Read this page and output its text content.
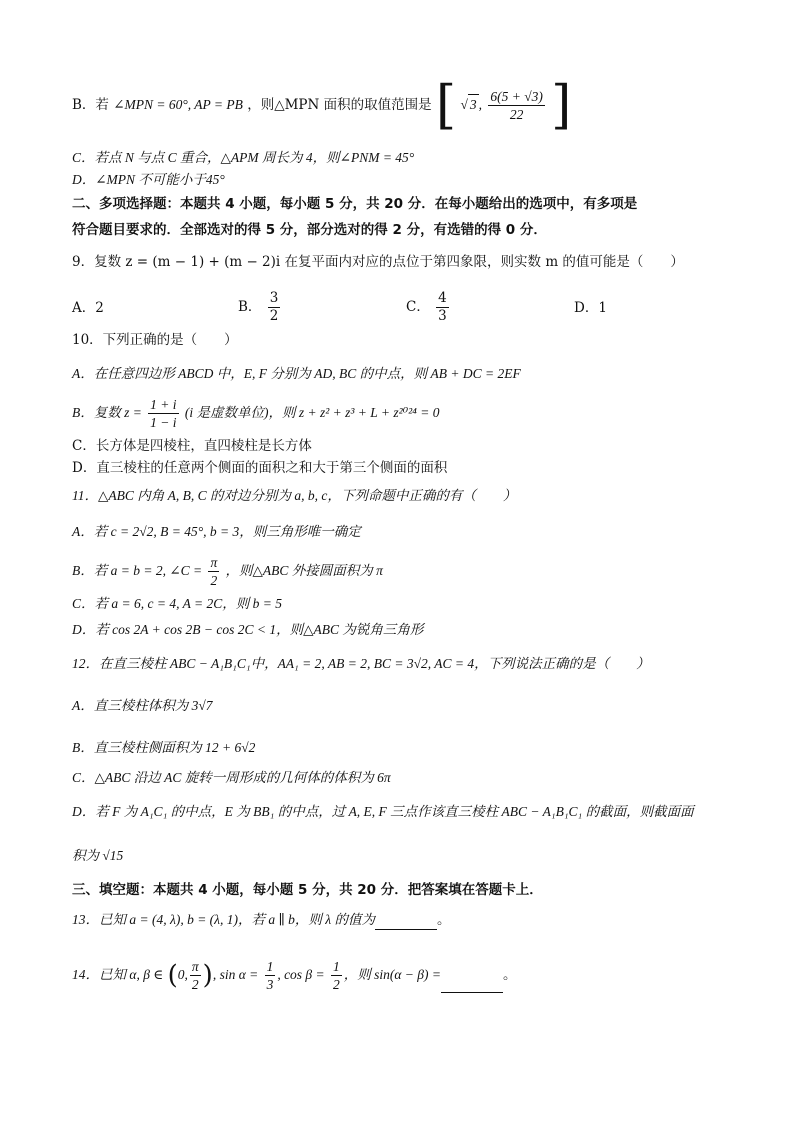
B．若 ∠MPN = 60°, AP = PB ，则△MPN 面积的取值范围是 [ √ 3 , $\frac{6(5 + √3)}{22}$ ]
C．若点 N 与点 C 重合，△APM 周长为 4，则∠PNM = 45°
D．∠MPN 不可能小于45°
二、多项选择题：本题共 4 小题，每小题 5 分，共 20 分．在每小题给出的选项中，有多项是
符合题目要求的．全部选对的得 5 分，部分选对的得 2 分，有选错的得 0 分．
9．复数 z = (m − 1) + (m − 2)i 在复平面内对应的点位于第四象限，则实数 m 的值可能是（　　）
A．2	B． $\frac{3}{2}$	C． $\frac{4}{3}$	D．1
10．下列正确的是（　　）
A．在任意四边形 ABCD 中，E, F 分别为 AD, BC 的中点，则 AB + DC = 2EF
B．复数 $z = \frac{1 + i}{1 - i} (i$ 是虚数单位)，则 z + z² + z³ + L + z²⁰²⁴ = 0
C．长方体是四棱柱，直四棱柱是长方体
D．直三棱柱的任意两个侧面的面积之和大于第三个侧面的面积
11．△ABC 内角 A, B, C 的对边分别为 a, b, c，下列命题中正确的有（　　）
A．若 c = 2√2, B = 45°, b = 3，则三角形唯一确定
B．若 a = b = 2, ∠C = $\frac{\pi}{2}$ ，则△ABC 外接圆面积为 π
C．若 a = 6, c = 4, A = 2C，则 b = 5
D．若 cos 2A + cos 2B − cos 2C < 1，则△ABC 为锐角三角形
12．在直三棱柱 ABC − A₁B₁C₁中，AA₁ = 2, AB = 2, BC = 3√2, AC = 4，下列说法正确的是（　　）
A．直三棱柱体积为 3√7
B．直三棱柱侧面积为 12 + 6√2
C．△ABC 沿边 AC 旋转一周形成的几何体的体积为 6π
D．若 F 为 A₁C₁ 的中点，E 为 BB₁ 的中点，过 A, E, F 三点作该直三棱柱 ABC − A₁B₁C₁ 的截面，则截面面
积为 √15
三、填空题：本题共 4 小题，每小题 5 分，共 20 分．把答案填在答题卡上．
13．已知 a = (4, λ), b = (λ, 1)，若 a ∥ b，则 λ 的值为	。
14．已知 α, β ∈ (0, $\frac{\pi}{2}$ ), $\sin \alpha = \frac{1}{3}$ , $\cos \beta = \frac{1}{2}$ ，则 sin(α − β) =	。
